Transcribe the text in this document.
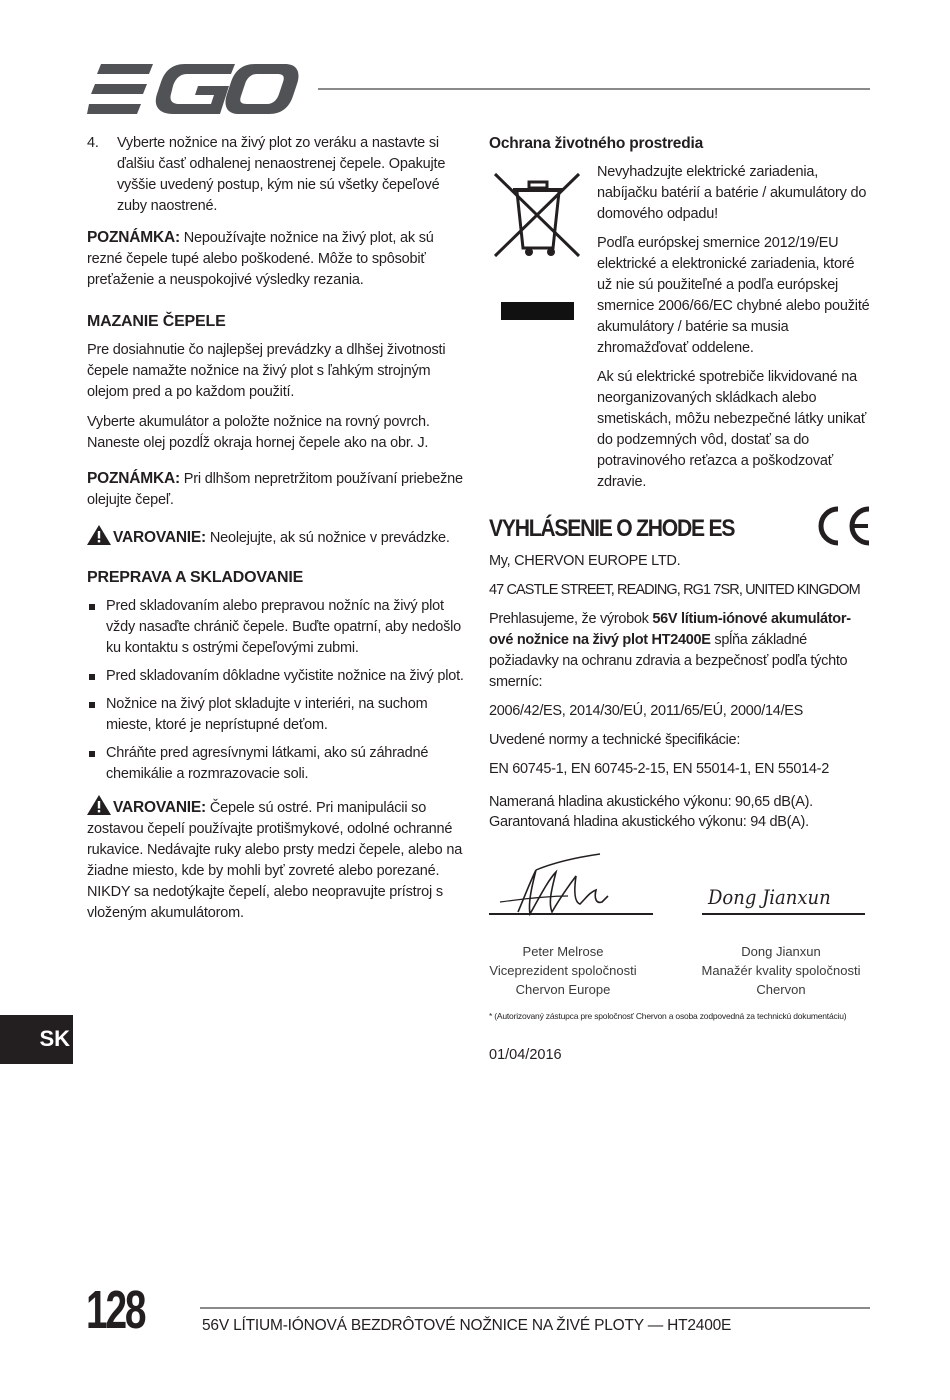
4.	Vyberte nožnice na živý plot zo veráku a nastavte si ďalšiu časť odhalenej nenaostrenej čepele. Opakujte vyššie uvedený postup, kým nie sú všetky čepeľové zuby naostrené.

POZNÁMKA: Nepoužívajte nožnice na živý plot, ak sú rezné čepele tupé alebo poškodené. Môže to spôsobiť preťaženie a neuspokojivé výsledky rezania.

MAZANIE ČEPELE

Pre dosiahnutie čo najlepšej prevádzky a dlhšej životnosti čepele namažte nožnice na živý plot s ľahkým strojným olejom pred a po každom použití.

Vyberte akumulátor a položte nožnice na rovný povrch. Naneste olej pozdĺž okraja hornej čepele ako na obr. J.

POZNÁMKA: Pri dlhšom nepretržitom používaní priebežne olejujte čepeľ.

VAROVANIE: Neolejujte, ak sú nožnice v prevádzke.

PREPRAVA A SKLADOVANIE
Pred skladovaním alebo prepravou nožníc na živý plot vždy nasaďte chránič čepele. Buďte opatrní, aby nedošlo ku kontaktu s ostrými čepeľovými zubmi.
Pred skladovaním dôkladne vyčistite nožnice na živý plot.
Nožnice na živý plot skladujte v interiéri, na suchom mieste, ktoré je neprístupné deťom.
Chráňte pred agresívnymi látkami, ako sú záhradné chemikálie a rozmrazovacie soli.

VAROVANIE: Čepele sú ostré. Pri manipulácii so zostavou čepelí používajte protišmykové, odolné ochranné rukavice. Nedávajte ruky alebo prsty medzi čepele, alebo na žiadne miesto, kde by mohli byť zovreté alebo porezané. NIKDY sa nedotýkajte čepelí, alebo neopravujte prístroj s vloženým akumulátorom.

Ochrana životného prostredia

Nevyhadzujte elektrické zariadenia, nabíjačku batérií a batérie / akumulátory do domového odpadu!

Podľa európskej smernice 2012/19/EU elektrické a elektronické zariadenia, ktoré už nie sú použiteľné a podľa európskej smernice 2006/66/EC chybné alebo použité akumulátory / batérie sa musia zhromažďovať oddelene.

Ak sú elektrické spotrebiče likvidované na neorganizovaných skládkach alebo smetiskách, môžu nebezpečné látky unikať do podzemných vôd, dostať sa do potravinového reťazca a poškodzovať zdravie.

VYHLÁSENIE O ZHODE ES
My, CHERVON EUROPE LTD.
47 CASTLE STREET, READING, RG1 7SR, UNITED KINGDOM
Prehlasujeme, že výrobok 56V lítium-iónové akumulátor-ové nožnice na živý plot HT2400E spĺňa základné požiadavky na ochranu zdravia a bezpečnosť podľa týchto smerníc:
2006/42/ES, 2014/30/EÚ, 2011/65/EÚ, 2000/14/ES
Uvedené normy a technické špecifikácie:
EN 60745-1, EN 60745-2-15, EN 55014-1, EN 55014-2
Nameraná hladina akustického výkonu: 90,65 dB(A).
Garantovaná hladina akustického výkonu: 94 dB(A).
Dong Jianxun
Peter Melrose
Viceprezident spoločnosti
Chervon Europe
Dong Jianxun
Manažér kvality spoločnosti
Chervon
* (Autorizovaný zástupca pre spoločnosť Chervon a osoba zodpovedná za technickú dokumentáciu)
01/04/2016
SK
128	56V LÍTIUM-IÓNOVÁ BEZDRÔTOVÉ NOŽNICE NA ŽIVÉ PLOTY — HT2400E
